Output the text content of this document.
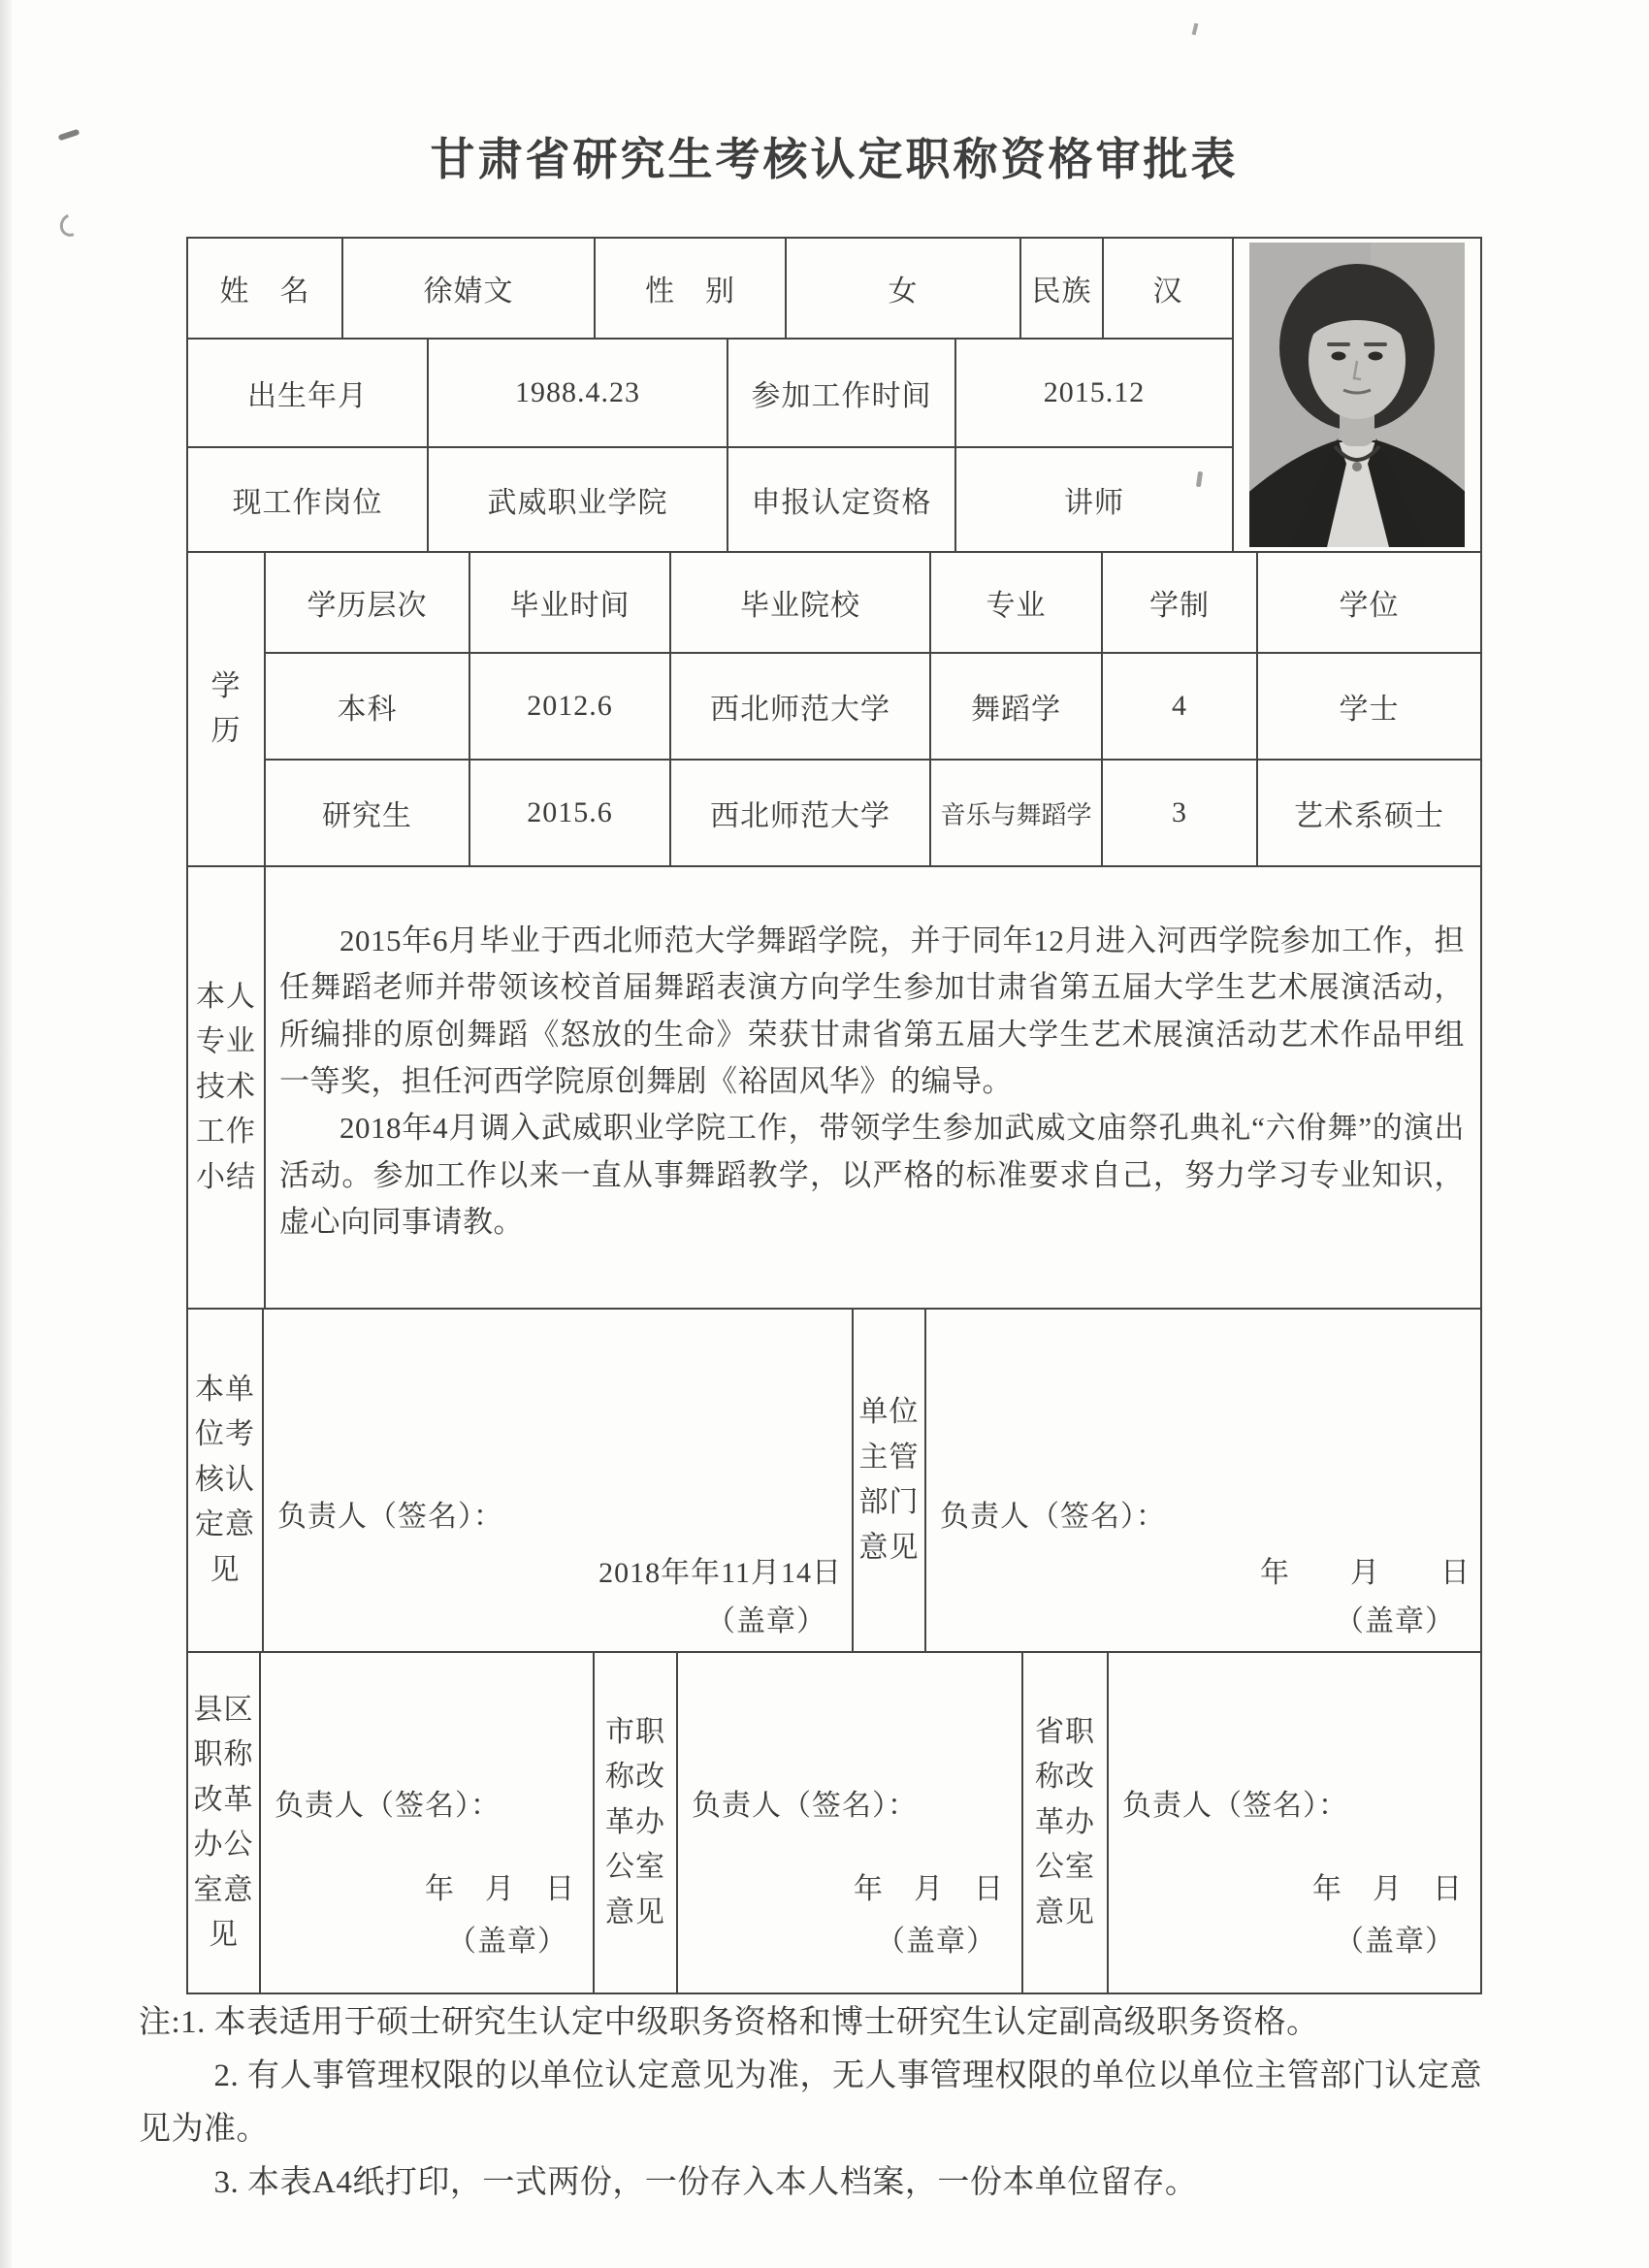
甘肃省研究生考核认定职称资格审批表
姓　名	徐婧文	性　别	女	民族	汉
出生年月	1988.4.23	参加工作时间	2015.12
现工作岗位	武威职业学院	申报认定资格	讲师
学历
学历层次	毕业时间	毕业院校	专业	学制	学位
本科	2012.6	西北师范大学	舞蹈学	4	学士
研究生	2015.6	西北师范大学	音乐与舞蹈学	3	艺术系硕士
本人专业技术工作小结

2015年6月毕业于西北师范大学舞蹈学院，并于同年12月进入河西学院参加工作，担任舞蹈老师并带领该校首届舞蹈表演方向学生参加甘肃省第五届大学生艺术展演活动，所编排的原创舞蹈《怒放的生命》荣获甘肃省第五届大学生艺术展演活动艺术作品甲组一等奖，担任河西学院原创舞剧《裕固风华》的编导。

2018年4月调入武威职业学院工作，带领学生参加武威文庙祭孔典礼“六佾舞”的演出活动。参加工作以来一直从事舞蹈教学，以严格的标准要求自己，努力学习专业知识，虚心向同事请教。

本单位考核认定意见
负责人（签名）：
2018年年11月14日
（盖章）
单位主管部门意见
负责人（签名）：
年　　月　　日
（盖章）
县区职称改革办公室意见
负责人（签名）：
年　月　日
（盖章）
市职称改革办公室意见
负责人（签名）：
年　月　日
（盖章）
省职称改革办公室意见
负责人（签名）：
年　月　日
（盖章）

注:1. 本表适用于硕士研究生认定中级职务资格和博士研究生认定副高级职务资格。

2. 有人事管理权限的以单位认定意见为准，无人事管理权限的单位以单位主管部门认定意见为准。

3. 本表A4纸打印，一式两份，一份存入本人档案，一份本单位留存。
